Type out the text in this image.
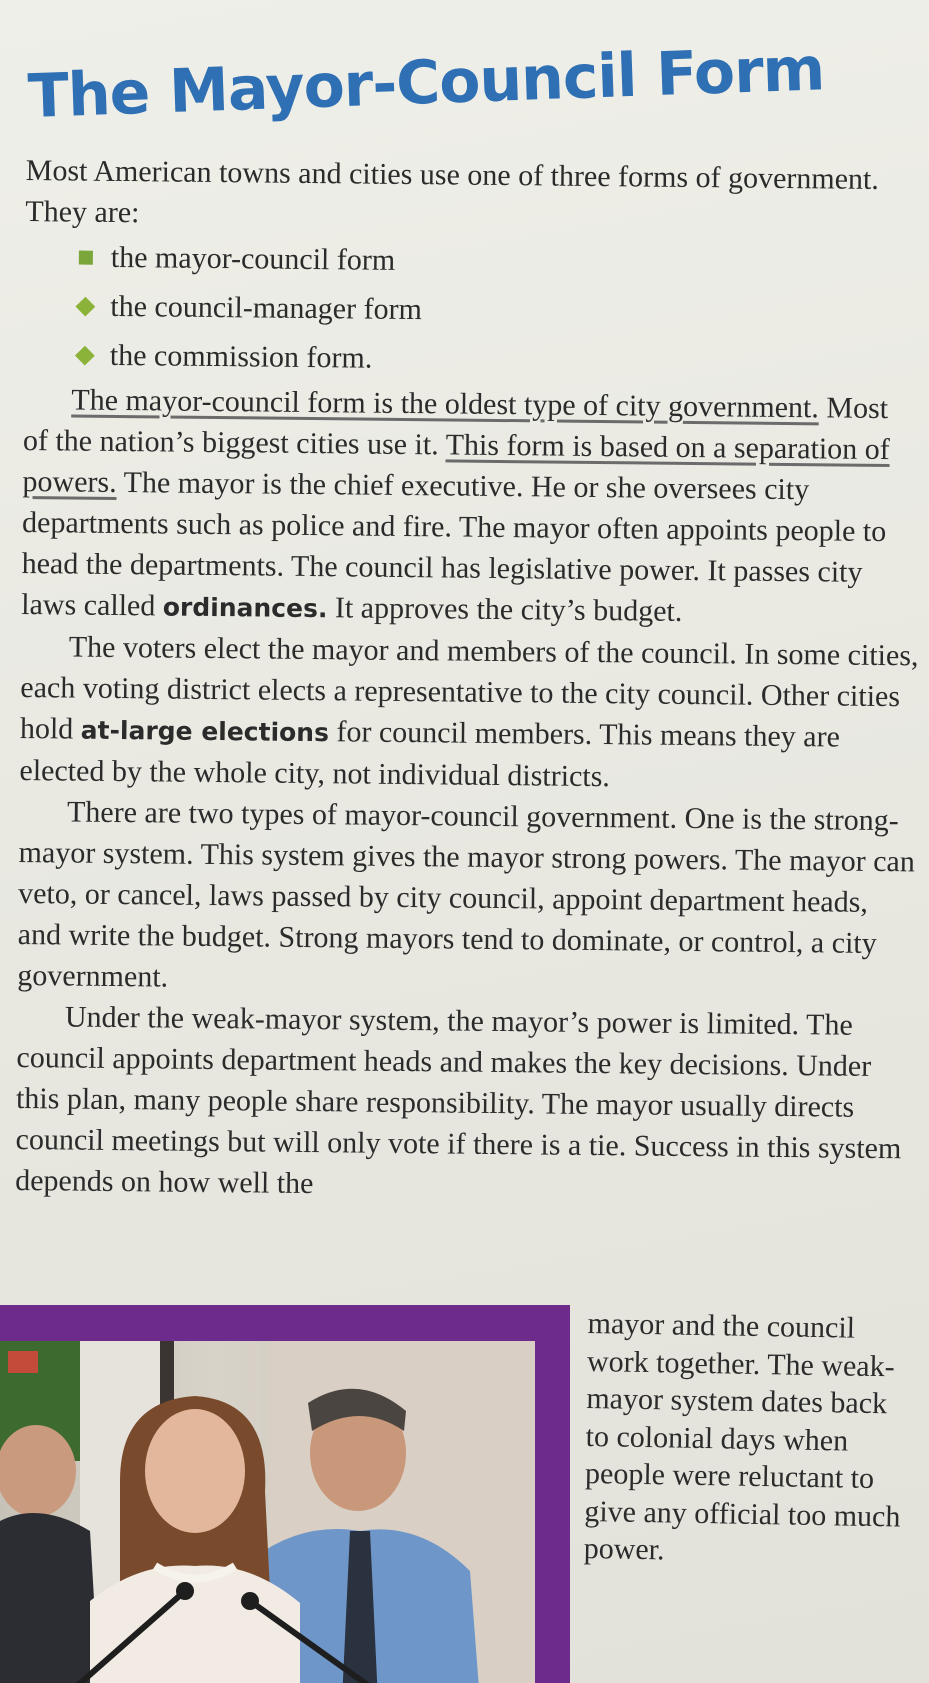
The Mayor-Council Form

Most American towns and cities use one of three forms of government. They are:

the mayor-council form
the council-manager form
the commission form.

The mayor-council form is the oldest type of city government. Most of the nation’s biggest cities use it. This form is based on a separation of powers. The mayor is the chief executive. He or she oversees city departments such as police and fire. The mayor often appoints people to head the departments. The council has legislative power. It passes city laws called ordinances. It approves the city’s budget.

The voters elect the mayor and members of the council. In some cities, each voting district elects a representative to the city council. Other cities hold at-large elections for council members. This means they are elected by the whole city, not individual districts.

There are two types of mayor-council government. One is the strong-mayor system. This system gives the mayor strong powers. The mayor can veto, or cancel, laws passed by city council, appoint department heads, and write the budget. Strong mayors tend to dominate, or control, a city government.

Under the weak-mayor system, the mayor’s power is limited. The council appoints department heads and makes the key decisions. Under this plan, many people share responsibility. The mayor usually directs council meetings but will only vote if there is a tie. Success in this system depends on how well the

mayor and the council work together. The weak-mayor system dates back to colonial days when people were reluctant to give any official too much power.
